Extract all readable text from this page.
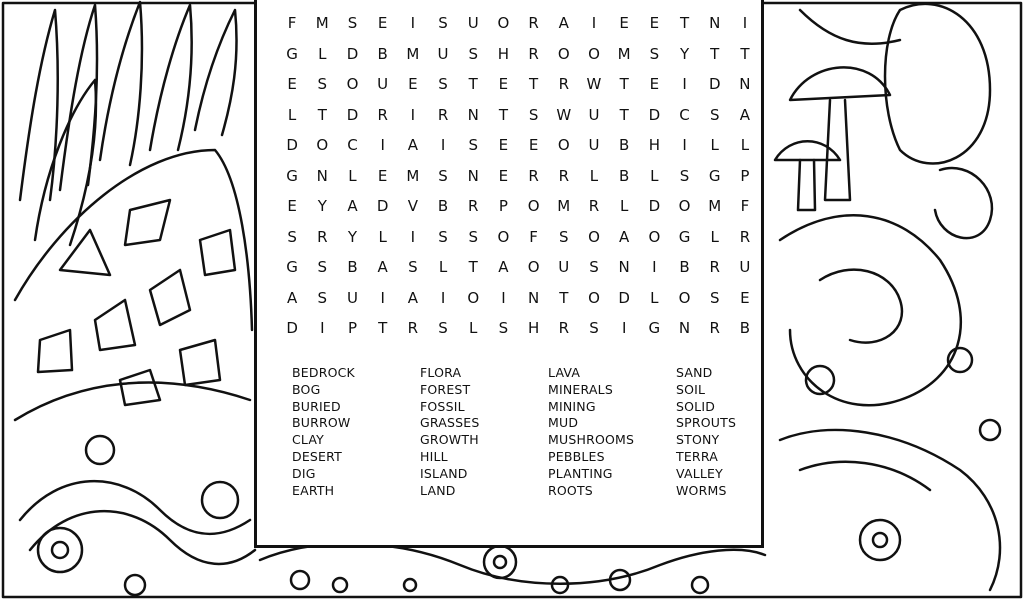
F	M	S	E	I	S	U	O	R	A	I	E	E	T	N	I
G	L	D	B	M	U	S	H	R	O	O	M	S	Y	T	T
E	S	O	U	E	S	T	E	T	R	W	T	E	I	D	N
L	T	D	R	I	R	N	T	S	W	U	T	D	C	S	A
D	O	C	I	A	I	S	E	E	O	U	B	H	I	L	L
G	N	L	E	M	S	N	E	R	R	L	B	L	S	G	P
E	Y	A	D	V	B	R	P	O	M	R	L	D	O	M	F
S	R	Y	L	I	S	S	O	F	S	O	A	O	G	L	R
G	S	B	A	S	L	T	A	O	U	S	N	I	B	R	U
A	S	U	I	A	I	O	I	N	T	O	D	L	O	S	E
D	I	P	T	R	S	L	S	H	R	S	I	G	N	R	B
BEDROCK
BOG
BURIED
BURROW
CLAY
DESERT
DIG
EARTH
FLORA
FOREST
FOSSIL
GRASSES
GROWTH
HILL
ISLAND
LAND
LAVA
MINERALS
MINING
MUD
MUSHROOMS
PEBBLES
PLANTING
ROOTS
SAND
SOIL
SOLID
SPROUTS
STONY
TERRA
VALLEY
WORMS
